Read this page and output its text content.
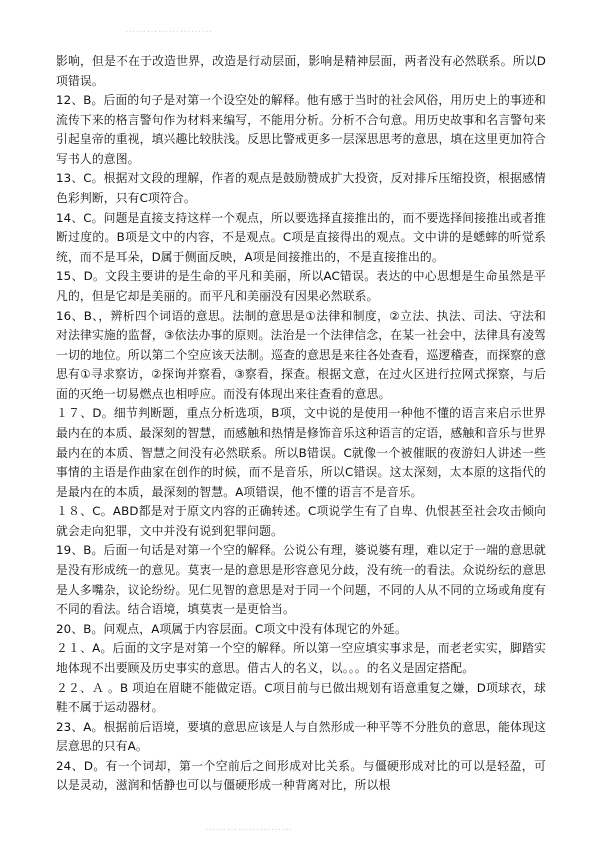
……………………

影响，但是不在于改造世界，改造是行动层面，影响是精神层面，两者没有必然联系。所以D项错误。

12、B。后面的句子是对第一个设空处的解释。他有感于当时的社会风俗，用历史上的事迹和流传下来的格言警句作为材料来编写，不能用分析。分析不合句意。用历史故事和名言警句来引起皇帝的重视，填兴趣比较肤浅。反思比警戒更多一层深思思考的意思，填在这里更加符合写书人的意图。

13、C。根据对文段的理解，作者的观点是鼓励赞成扩大投资，反对排斥压缩投资，根据感情色彩判断，只有C项符合。

14、C。问题是直接支持这样一个观点，所以要选择直接推出的，而不要选择间接推出或者推断过度的。B项是文中的内容，不是观点。C项是直接得出的观点。文中讲的是蟋蟀的听觉系统，而不是耳朵，D属于侧面反映，A项是间接推出的，不是直接推出的。

15、D。文段主要讲的是生命的平凡和美丽，所以AC错误。表达的中心思想是生命虽然是平凡的，但是它却是美丽的。而平凡和美丽没有因果必然联系。

16、B、，辨析四个词语的意思。法制的意思是①法律和制度，②立法、执法、司法、守法和对法律实施的监督，③依法办事的原则。法治是一个法律信念，在某一社会中，法律具有凌驾一切的地位。所以第二个空应该天法制。巡查的意思是来往各处查看，巡逻稽查，而探察的意思有①寻求察访，②探询并察看，③察看，探查。根据文意，在过火区进行拉网式探察，与后面的灭绝一切易燃点也相呼应。而没有体现出来往查看的意思。

１７、D。细节判断题，重点分析选项，B项，文中说的是使用一种他不懂的语言来启示世界最内在的本质、最深刻的智慧，而感触和热情是修饰音乐这种语言的定语，感触和音乐与世界最内在的本质、智慧之间没有必然联系。所以B错误。C就像一个被催眠的夜游妇人讲述一些事情的主语是作曲家在创作的时候，而不是音乐，所以C错误。这太深刻，太本原的这指代的是最内在的本质，最深刻的智慧。A项错误，他不懂的语言不是音乐。

１８、C。ABD都是对于原文内容的正确转述。C项说学生有了自卑、仇恨甚至社会攻击倾向就会走向犯罪，文中并没有说到犯罪问题。

19、B。后面一句话是对第一个空的解释。公说公有理，婆说婆有理，难以定于一端的意思就是没有形成统一的意见。莫衷一是的意思是形容意见分歧，没有统一的看法。众说纷纭的意思是人多嘴杂，议论纷纷。见仁见智的意思是对于同一个问题，不同的人从不同的立场或角度有不同的看法。结合语境，填莫衷一是更恰当。

20、B。问观点，A项属于内容层面。C项文中没有体现它的外延。

２１、A。后面的文字是对第一个空的解释。所以第一空应填实事求是，而老老实实，脚踏实地体现不出要顾及历史事实的意思。借古人的名义，以。。。的名义是固定搭配。

２２、Ａ 。B 项迫在眉睫不能做定语。C项目前与已做出规划有语意重复之嫌，D项球衣，球鞋不属于运动器材。

23、A。根据前后语境，要填的意思应该是人与自然形成一种平等不分胜负的意思，能体现这层意思的只有A。

24、D。有一个词却，第一个空前后之间形成对比关系。与僵硬形成对比的可以是轻盈，可以是灵动，滋润和恬静也可以与僵硬形成一种背离对比，所以根

……………………
